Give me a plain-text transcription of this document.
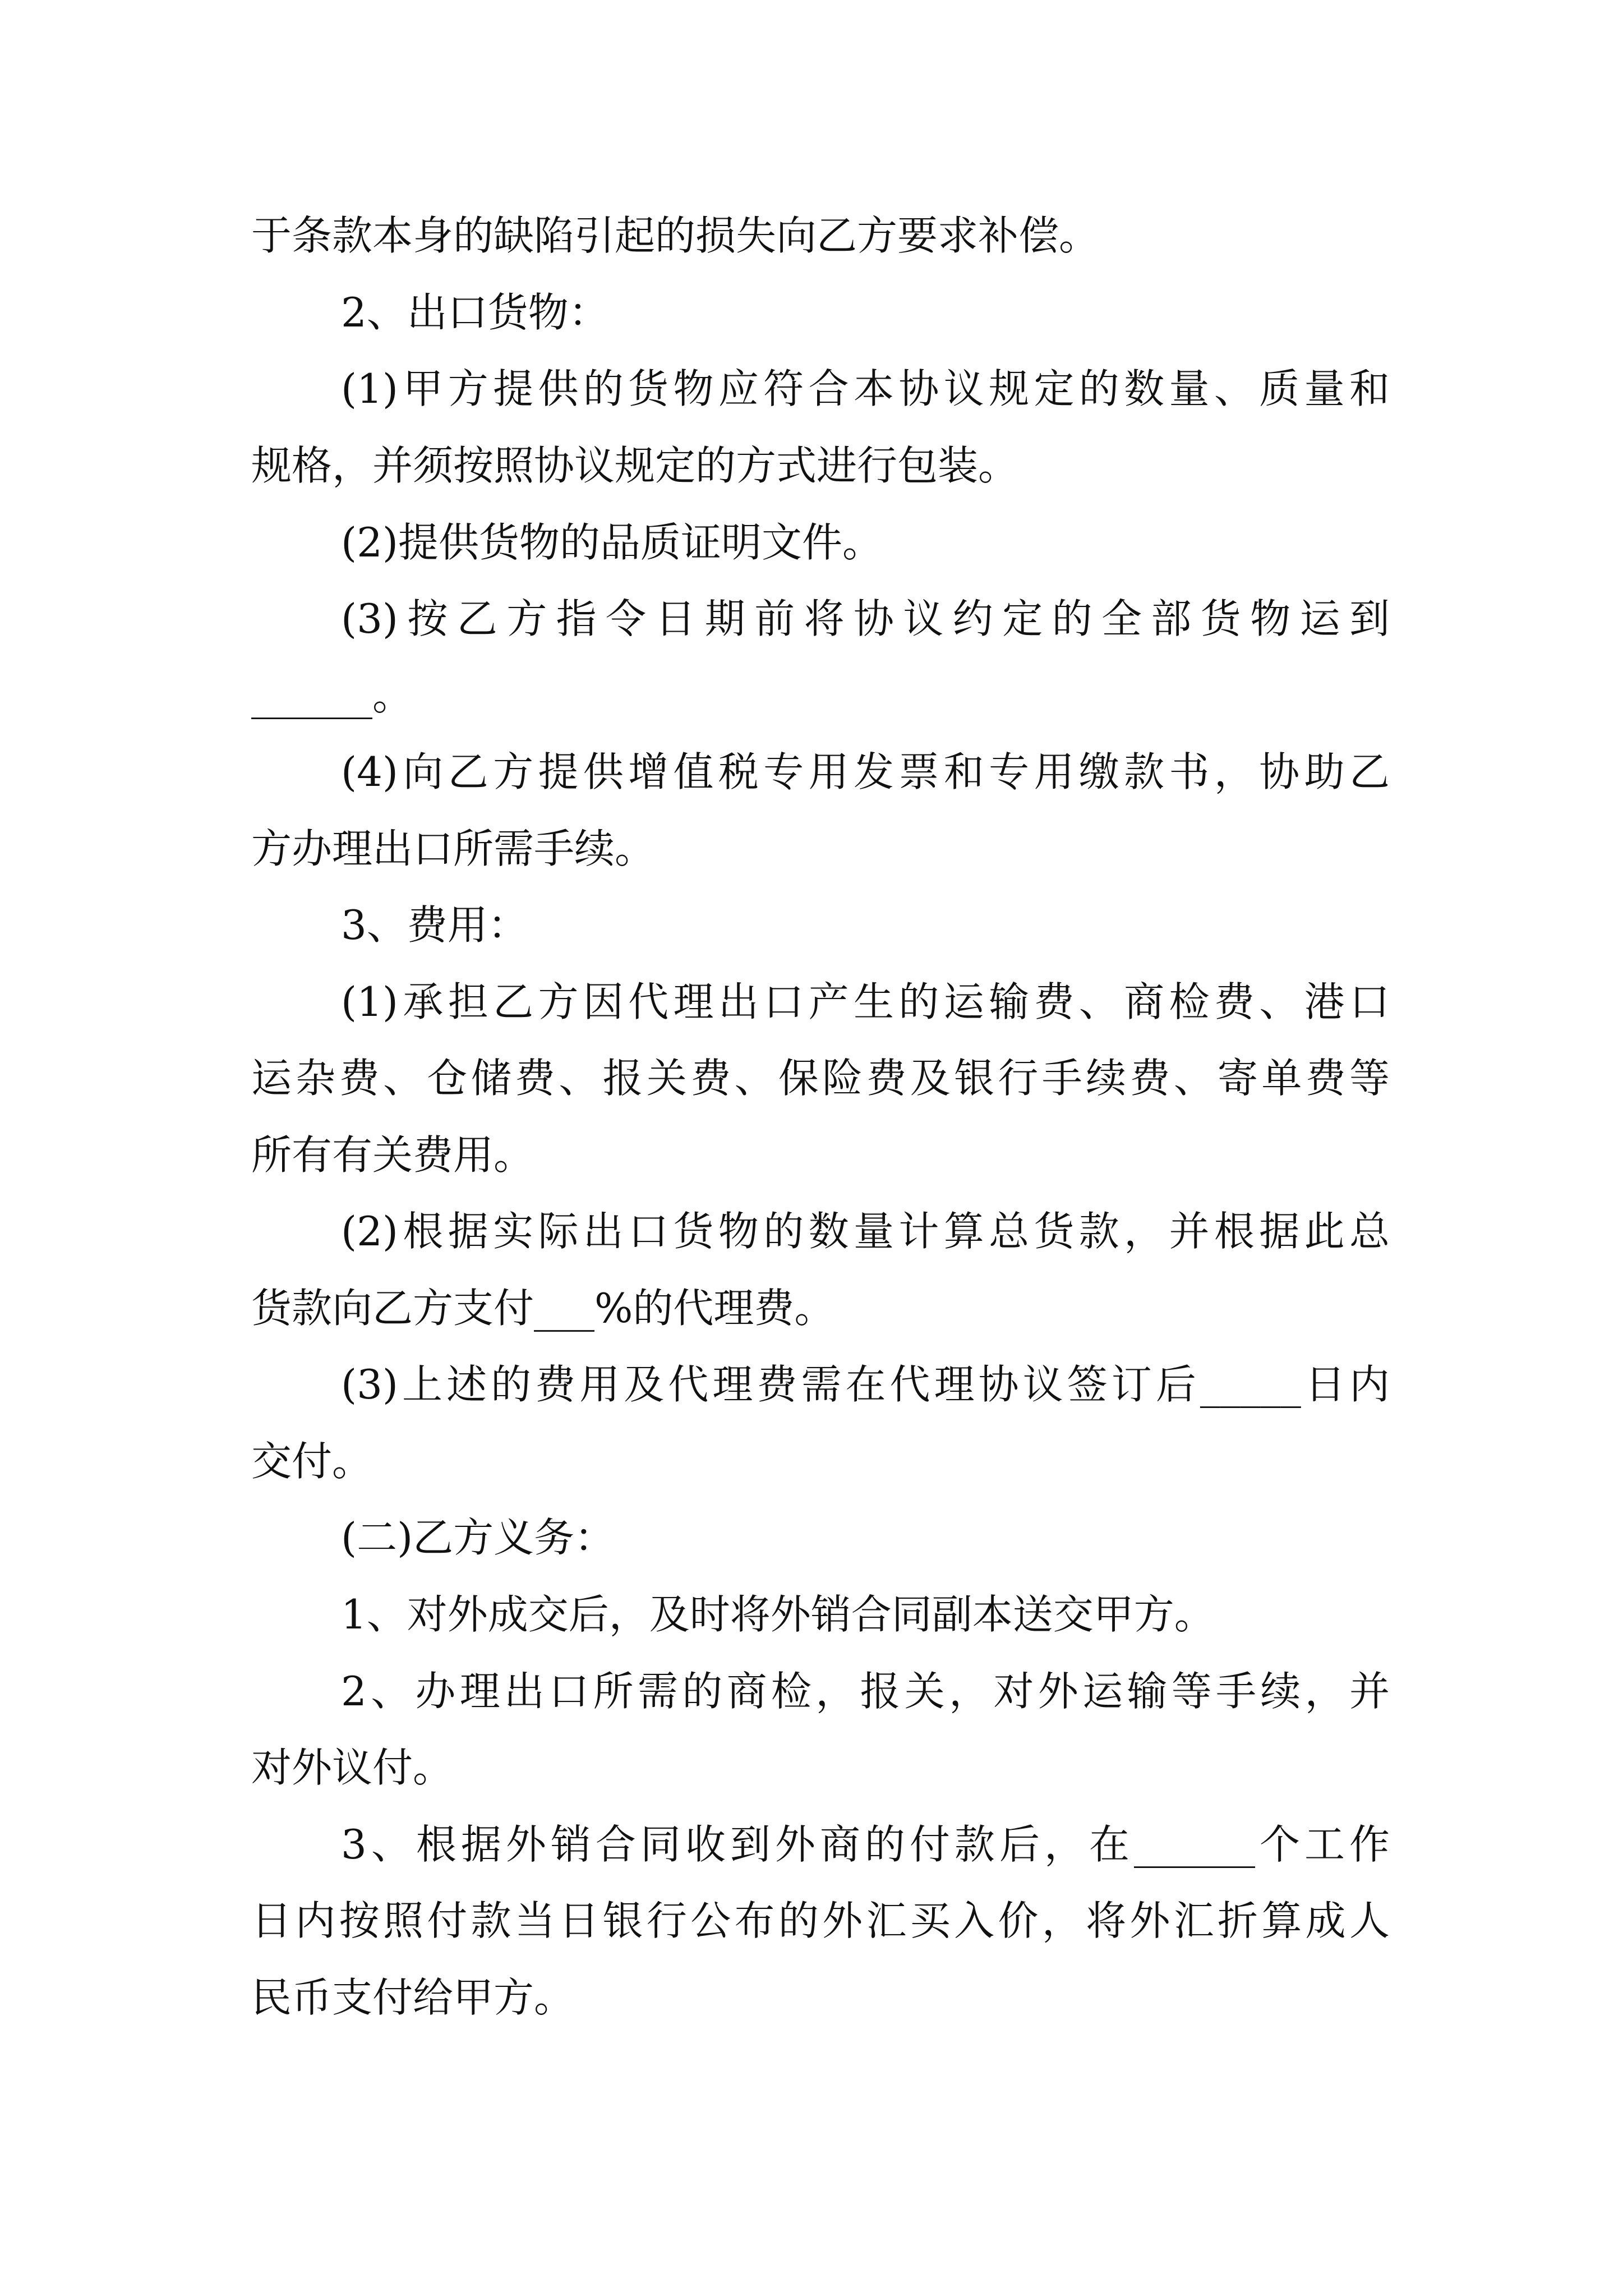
于条款本身的缺陷引起的损失向乙方要求补偿。
2、出口货物：
(1)甲方提供的货物应符合本协议规定的数量、质量和
规格，并须按照协议规定的方式进行包装。
(2)提供货物的品质证明文件。
(3)按乙方指令日期前将协议约定的全部货物运到
______。
(4)向乙方提供增值税专用发票和专用缴款书，协助乙
方办理出口所需手续。
3、费用：
(1)承担乙方因代理出口产生的运输费、商检费、港口
运杂费、仓储费、报关费、保险费及银行手续费、寄单费等
所有有关费用。
(2)根据实际出口货物的数量计算总货款，并根据此总
货款向乙方支付___%的代理费。
(3)上述的费用及代理费需在代理协议签订后_____日内
交付。
(二)乙方义务：
1、对外成交后，及时将外销合同副本送交甲方。
2、办理出口所需的商检，报关，对外运输等手续，并
对外议付。
3、根据外销合同收到外商的付款后，在______个工作
日内按照付款当日银行公布的外汇买入价，将外汇折算成人
民币支付给甲方。
